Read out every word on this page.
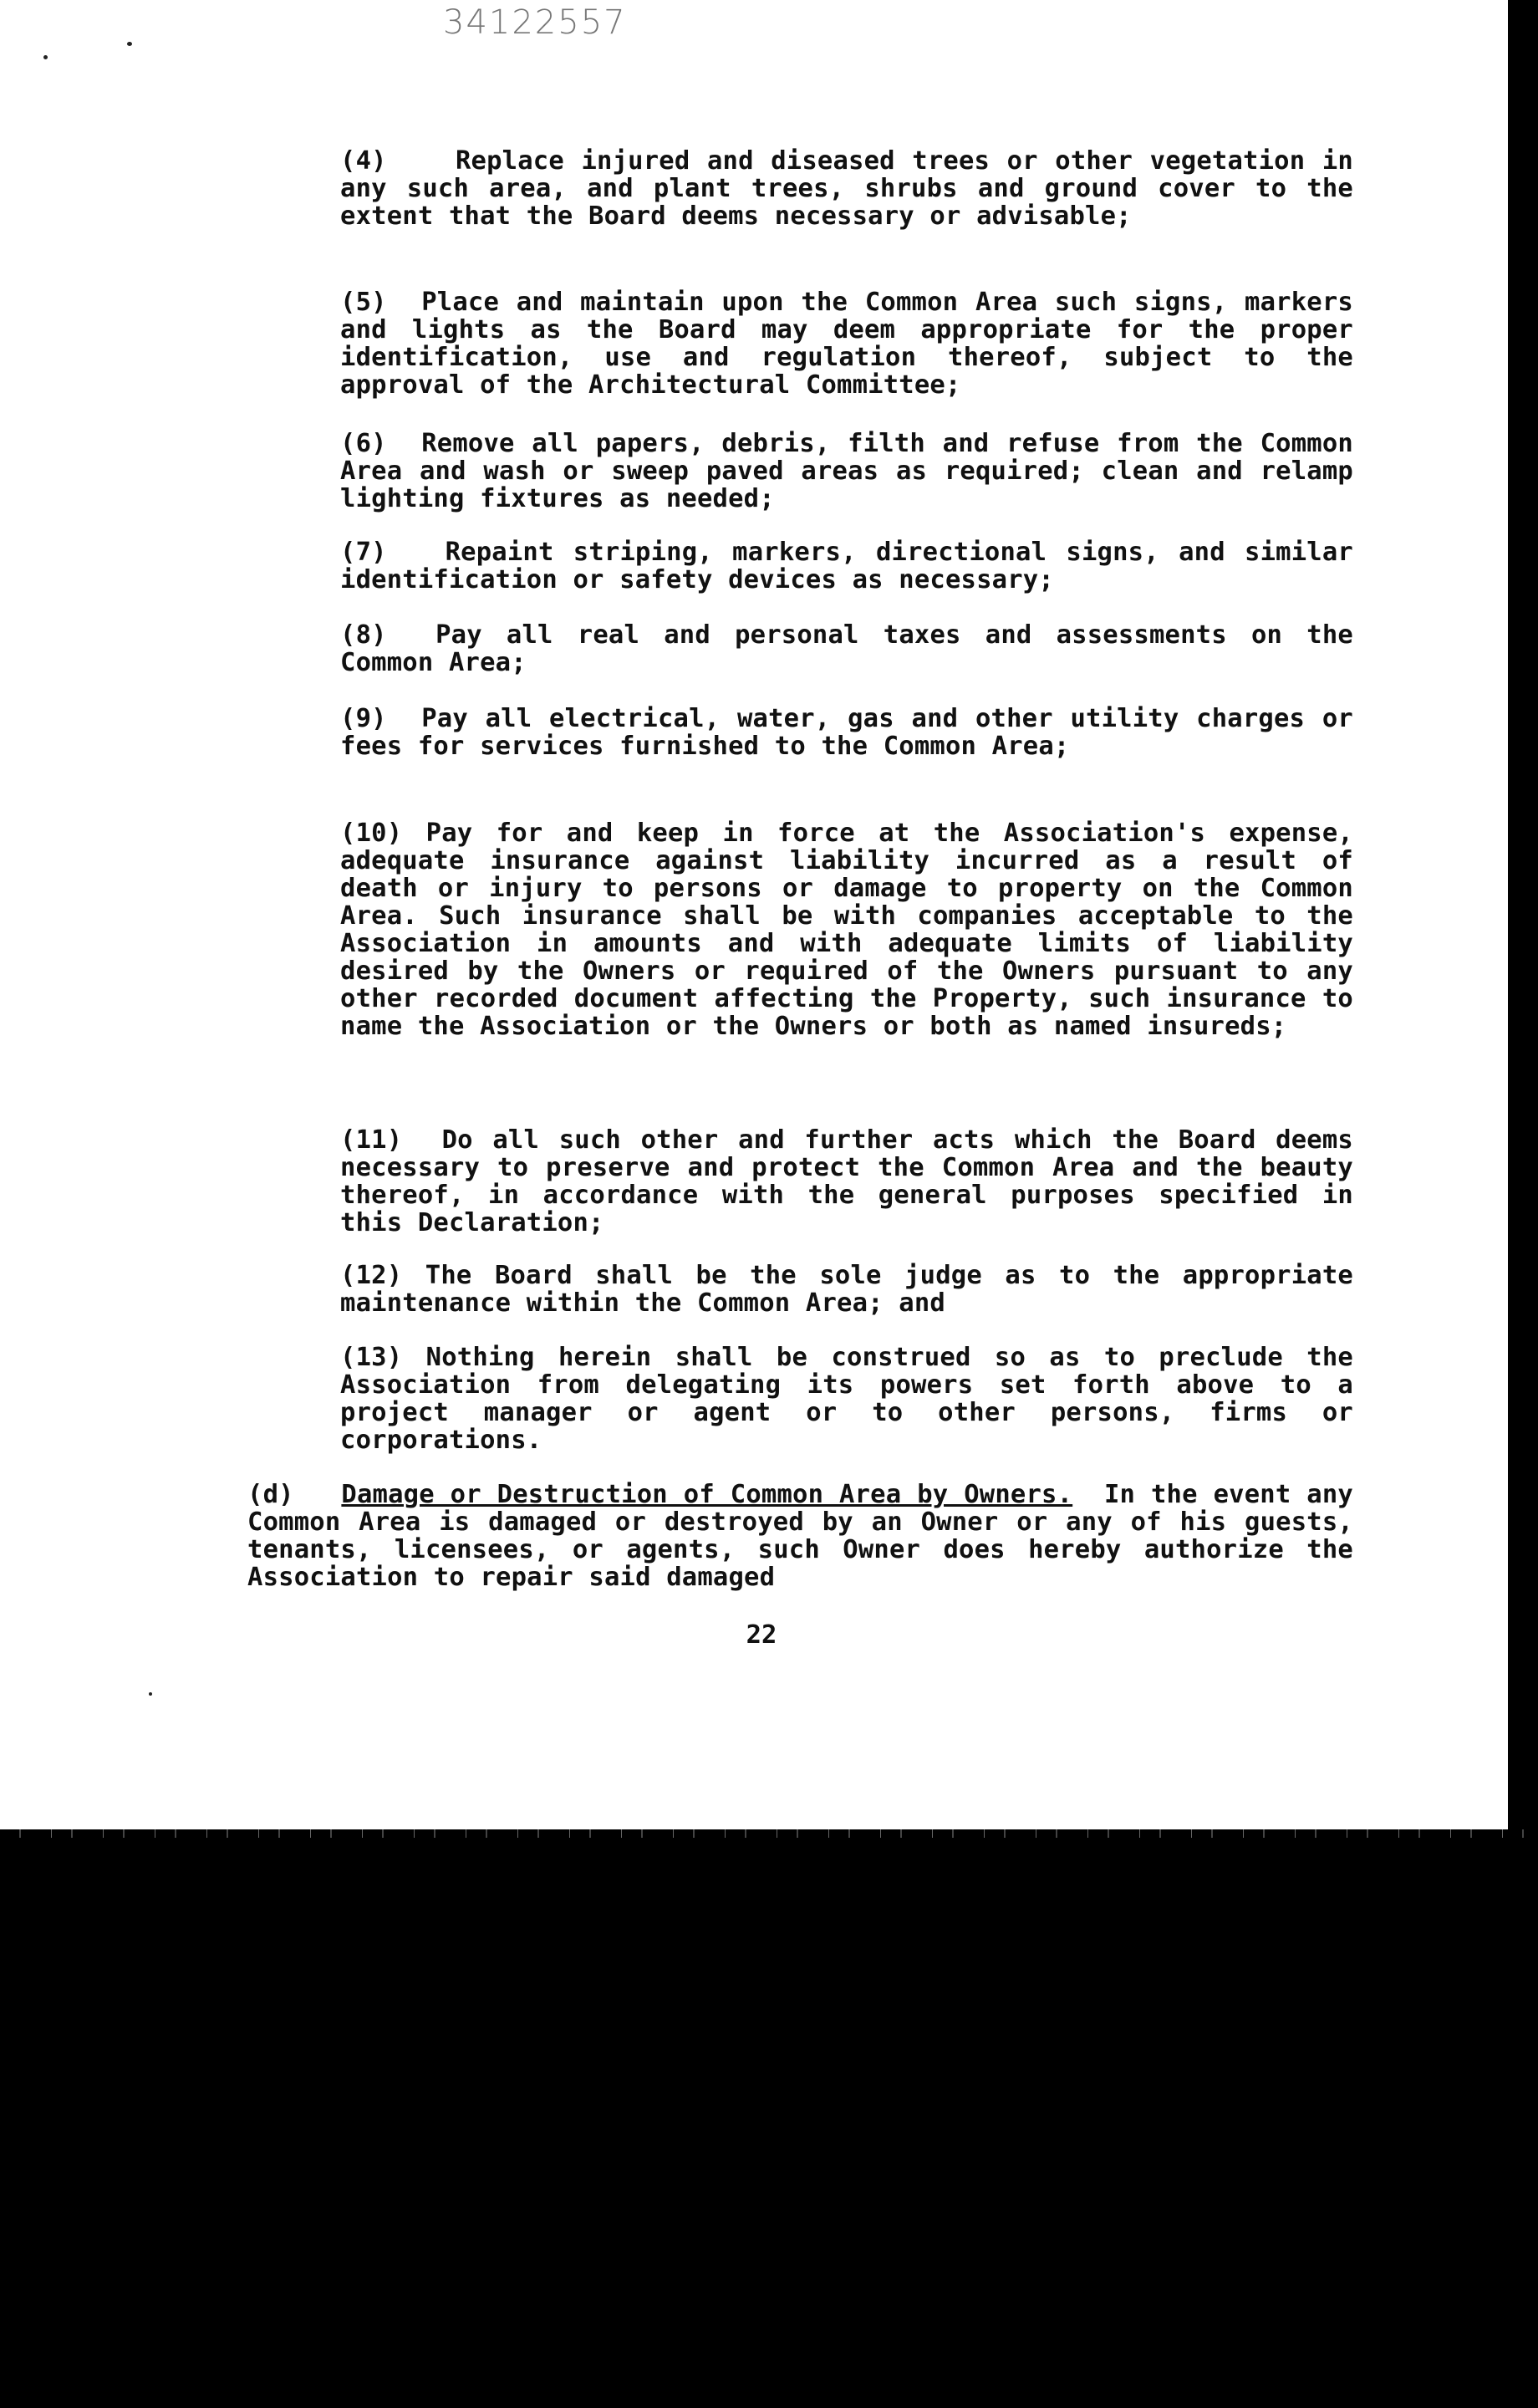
34122557

(4)	Replace injured and diseased trees or other vegetation in any such area, and plant trees, shrubs and ground cover to the extent that the Board deems necessary or advisable;

(5) Place and maintain upon the Common Area such signs, markers and lights as the Board may deem appropriate for the proper identification, use and regulation thereof, subject to the approval of the Architectural Committee;

(6) Remove all papers, debris, filth and refuse from the Common Area and wash or sweep paved areas as required; clean and relamp lighting fixtures as needed;

(7) Repaint striping, markers, directional signs, and similar identification or safety devices as necessary;

(8) Pay all real and personal taxes and assessments on the Common Area;

(9) Pay all electrical, water, gas and other utility charges or fees for services furnished to the Common Area;

(10) Pay for and keep in force at the Association's expense, adequate insurance against liability incurred as a result of death or injury to persons or damage to property on the Common Area. Such insurance shall be with companies acceptable to the Association in amounts and with adequate limits of liability desired by the Owners or required of the Owners pursuant to any other recorded document affecting the Property, such insurance to name the Association or the Owners or both as named insureds;

(11) Do all such other and further acts which the Board deems necessary to preserve and protect the Common Area and the beauty thereof, in accordance with the general purposes specified in this Declaration;

(12) The Board shall be the sole judge as to the appropriate maintenance within the Common Area; and

(13) Nothing herein shall be construed so as to preclude the Association from delegating its powers set forth above to a project manager or agent or to other persons, firms or corporations.

(d) Damage or Destruction of Common Area by Owners. In the event any Common Area is damaged or destroyed by an Owner or any of his guests, tenants, licensees, or agents, such Owner does hereby authorize the Association to repair said damaged

22
